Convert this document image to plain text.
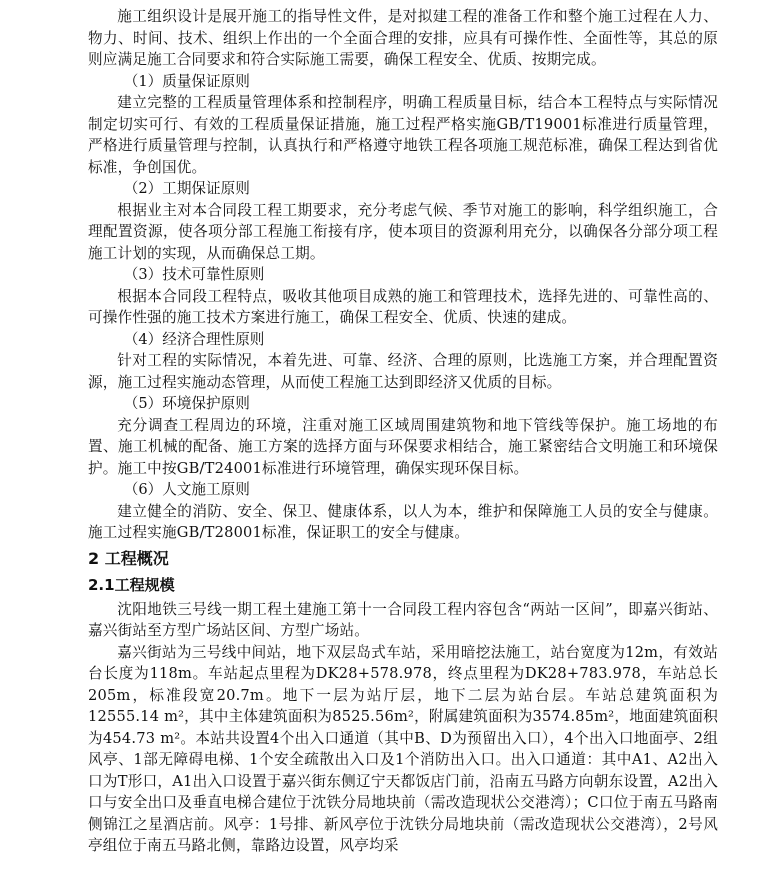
施工组织设计是展开施工的指导性文件，是对拟建工程的准备工作和整个施工过程在人力、物力、时间、技术、组织上作出的一个全面合理的安排，应具有可操作性、全面性等，其总的原则应满足施工合同要求和符合实际施工需要，确保工程安全、优质、按期完成。

（1）质量保证原则

建立完整的工程质量管理体系和控制程序，明确工程质量目标，结合本工程特点与实际情况制定切实可行、有效的工程质量保证措施，施工过程严格实施GB/T19001标准进行质量管理，严格进行质量管理与控制，认真执行和严格遵守地铁工程各项施工规范标准，确保工程达到省优标准，争创国优。

（2）工期保证原则

根据业主对本合同段工程工期要求，充分考虑气候、季节对施工的影响，科学组织施工，合理配置资源，使各项分部工程施工衔接有序，使本项目的资源利用充分，以确保各分部分项工程施工计划的实现，从而确保总工期。

（3）技术可靠性原则

根据本合同段工程特点，吸收其他项目成熟的施工和管理技术，选择先进的、可靠性高的、可操作性强的施工技术方案进行施工，确保工程安全、优质、快速的建成。

（4）经济合理性原则

针对工程的实际情况，本着先进、可靠、经济、合理的原则，比选施工方案，并合理配置资源，施工过程实施动态管理，从而使工程施工达到即经济又优质的目标。

（5）环境保护原则

充分调查工程周边的环境，注重对施工区域周围建筑物和地下管线等保护。施工场地的布置、施工机械的配备、施工方案的选择方面与环保要求相结合，施工紧密结合文明施工和环境保护。施工中按GB/T24001标准进行环境管理，确保实现环保目标。

（6）人文施工原则

建立健全的消防、安全、保卫、健康体系，以人为本，维护和保障施工人员的安全与健康。施工过程实施GB/T28001标准，保证职工的安全与健康。

2 工程概况
2.1工程规模

沈阳地铁三号线一期工程土建施工第十一合同段工程内容包含“两站一区间”，即嘉兴街站、嘉兴街站至方型广场站区间、方型广场站。

嘉兴街站为三号线中间站，地下双层岛式车站，采用暗挖法施工，站台宽度为12m，有效站台长度为118m。车站起点里程为DK28+578.978，终点里程为DK28+783.978，车站总长205m，标准段宽20.7m。地下一层为站厅层，地下二层为站台层。车站总建筑面积为12555.14 m²，其中主体建筑面积为8525.56m²，附属建筑面积为3574.85m²，地面建筑面积为454.73 m²。本站共设置4个出入口通道（其中B、D为预留出入口），4个出入口地面亭、2组风亭、1部无障碍电梯、1个安全疏散出入口及1个消防出入口。出入口通道：其中A1、A2出入口为T形口，A1出入口设置于嘉兴街东侧辽宁天都饭店门前，沿南五马路方向朝东设置，A2出入口与安全出口及垂直电梯合建位于沈铁分局地块前（需改造现状公交港湾）；C口位于南五马路南侧锦江之星酒店前。风亭：1号排、新风亭位于沈铁分局地块前（需改造现状公交港湾），2号风亭组位于南五马路北侧，靠路边设置，风亭均采
